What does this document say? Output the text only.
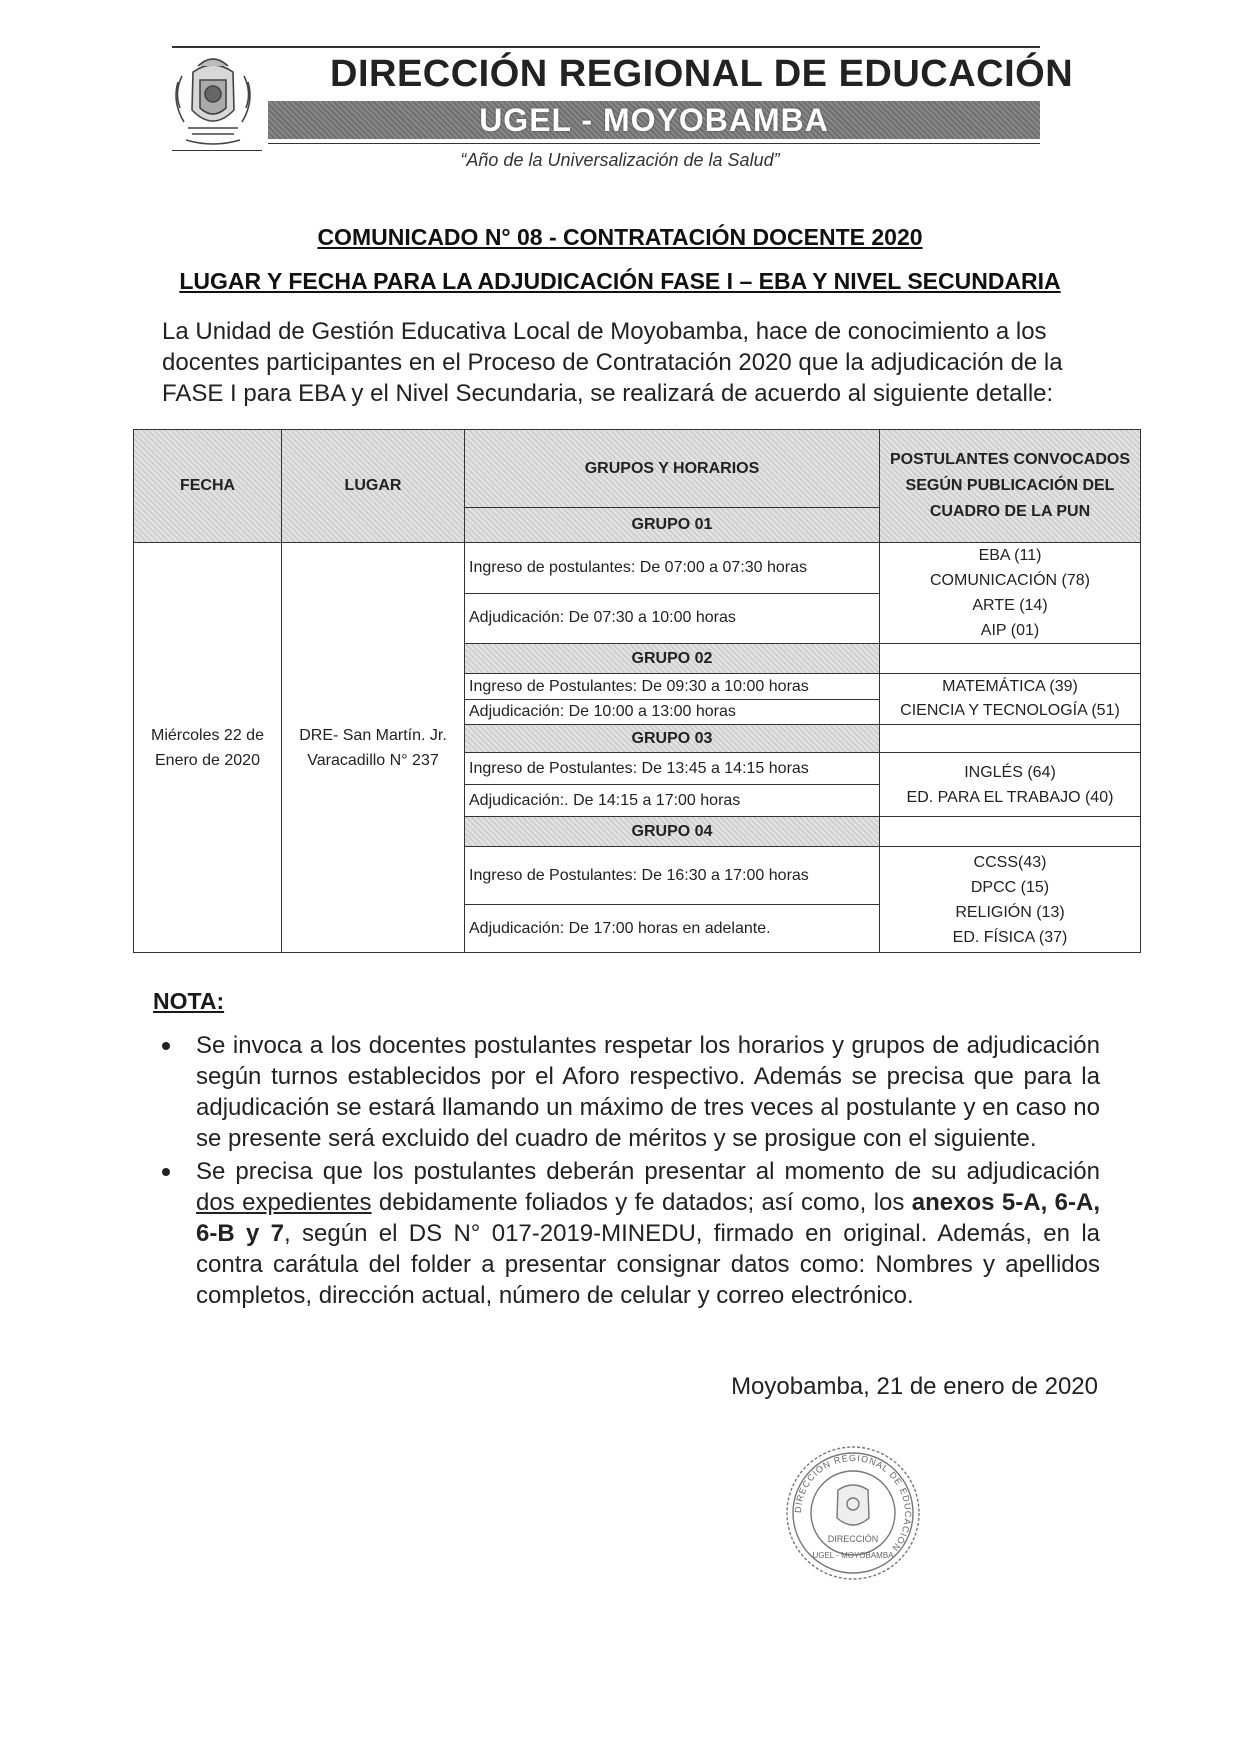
DIRECCIÓN REGIONAL DE EDUCACIÓN
UGEL - MOYOBAMBA
“Año de la Universalización de la Salud”
COMUNICADO N° 08 - CONTRATACIÓN DOCENTE 2020
LUGAR Y FECHA PARA LA ADJUDICACIÓN FASE I – EBA Y NIVEL SECUNDARIA
La Unidad de Gestión Educativa Local de Moyobamba, hace de conocimiento a los docentes participantes en el Proceso de Contratación 2020 que la adjudicación de la FASE I para EBA y el Nivel Secundaria, se realizará de acuerdo al siguiente detalle:
FECHA	LUGAR	GRUPOS Y HORARIOS	POSTULANTES CONVOCADOS SEGÚN PUBLICACIÓN DEL CUADRO DE LA PUN
		GRUPO 01	
Miércoles 22 de Enero de 2020	DRE- San Martín. Jr. Varacadillo N° 237	Ingreso de postulantes: De 07:00 a 07:30 horas	EBA (11)
COMUNICACIÓN (78)
ARTE (14)
AIP (01)

		Adjudicación: De 07:30 a 10:00 horas	
		GRUPO 02	
		Ingreso de Postulantes: De 09:30 a 10:00 horas	MATEMÁTICA (39)
CIENCIA Y TECNOLOGÍA (51)

		Adjudicación: De 10:00 a 13:00 horas	
		GRUPO 03	
		Ingreso de Postulantes: De 13:45 a 14:15 horas	INGLÉS (64)
ED. PARA EL TRABAJO (40)

		Adjudicación:. De 14:15 a 17:00 horas	
		GRUPO 04	
		Ingreso de Postulantes: De 16:30 a 17:00 horas	CCSS(43)
DPCC (15)
RELIGIÓN (13)
ED. FÍSICA (37)

		Adjudicación: De 17:00 horas en adelante.	
NOTA:
Se invoca a los docentes postulantes respetar los horarios y grupos de adjudicación según turnos establecidos por el Aforo respectivo. Además se precisa que para la adjudicación se estará llamando un máximo de tres veces al postulante y en caso no se presente será excluido del cuadro de méritos y se prosigue con el siguiente.
Se precisa que los postulantes deberán presentar al momento de su adjudicación dos expedientes debidamente foliados y fe datados; así como, los anexos 5-A, 6-A, 6-B y 7, según el DS N° 017-2019-MINEDU, firmado en original. Además, en la contra carátula del folder a presentar consignar datos como: Nombres y apellidos completos, dirección actual, número de celular y correo electrónico.
Moyobamba, 21 de enero de 2020
DIRECCIÓN REGIONAL DE EDUCACIÓN
DIRECCIÓN
UGEL - MOYOBAMBA
